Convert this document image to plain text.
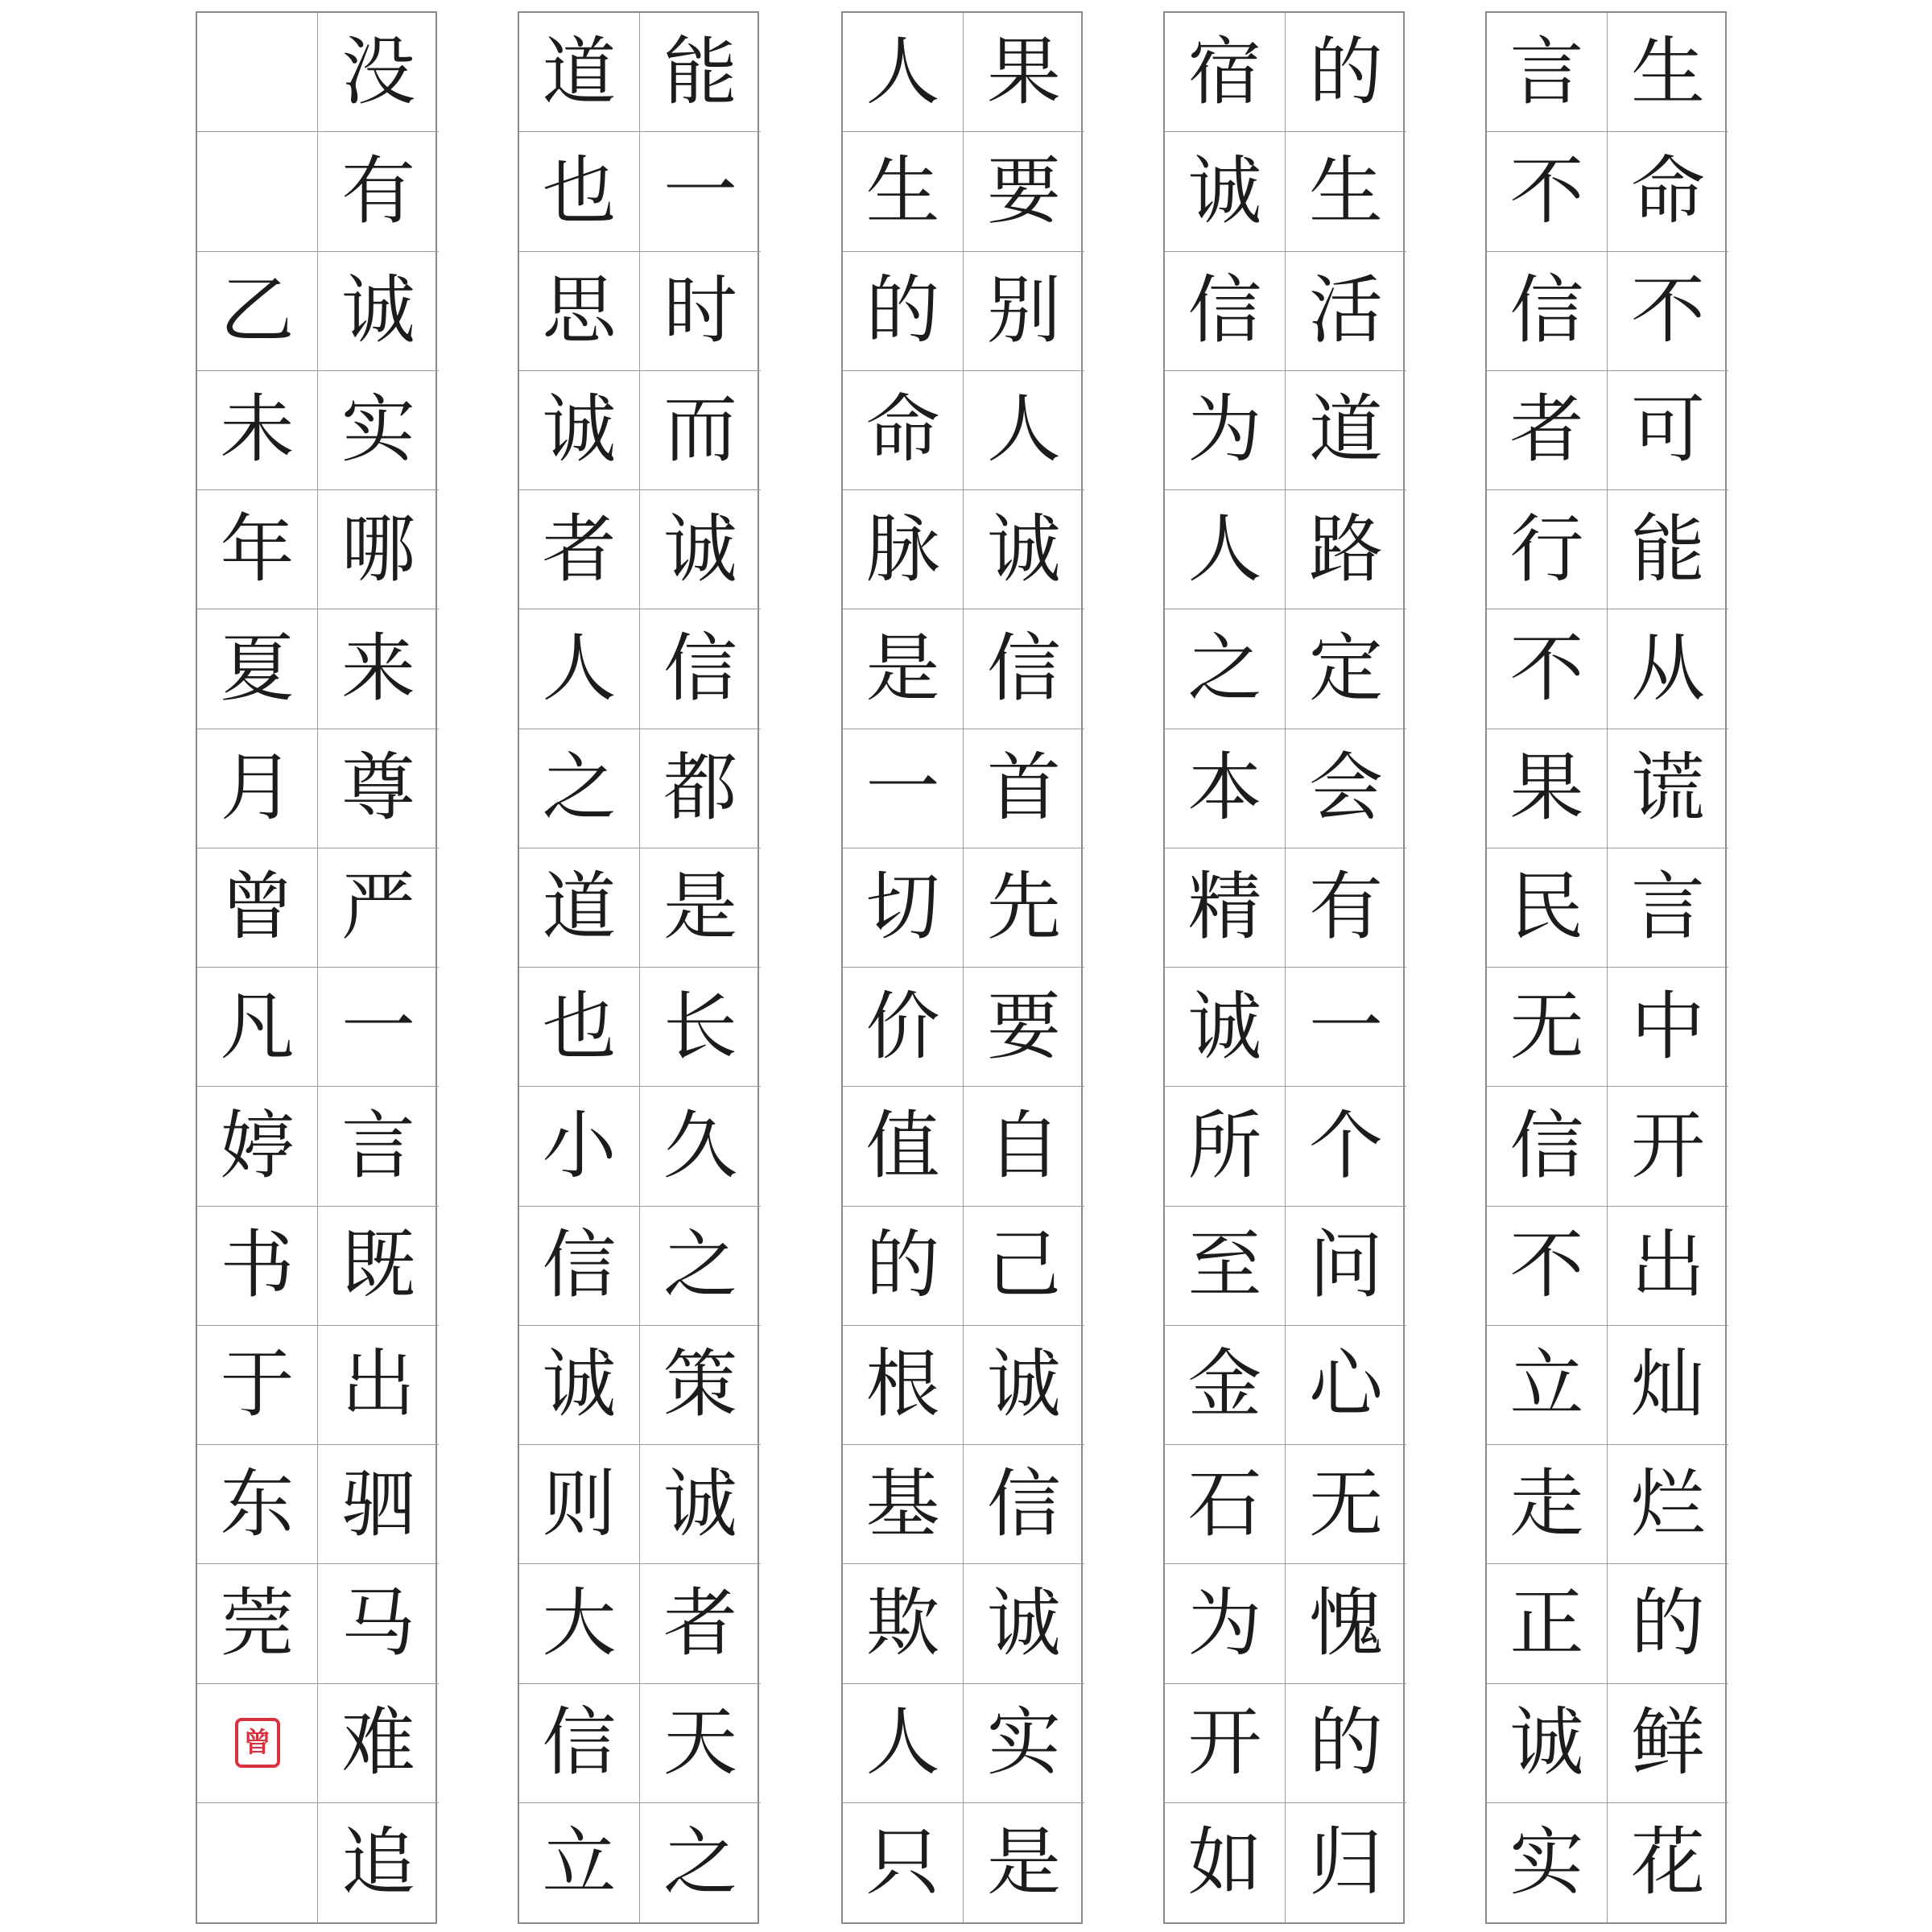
乙
未
年
夏
月
曾
凡
婷
书
于
东
莞
曾
没
有
诚
实
哪
来
尊
严
一
言
既
出
驷
马
难
追
道
也
思
诚
者
人
之
道
也
小
信
诚
则
大
信
立
能
一
时
而
诚
信
都
是
长
久
之
策
诚
者
天
之
人
生
的
命
脉
是
一
切
价
值
的
根
基
欺
人
只
果
要
别
人
诚
信
首
先
要
自
己
诚
信
诚
实
是
宿
诚
信
为
人
之
本
精
诚
所
至
金
石
为
开
如
的
生
活
道
路
定
会
有
一
个
问
心
无
愧
的
归
言
不
信
者
行
不
果
民
无
信
不
立
走
正
诚
实
生
命
不
可
能
从
谎
言
中
开
出
灿
烂
的
鲜
花
